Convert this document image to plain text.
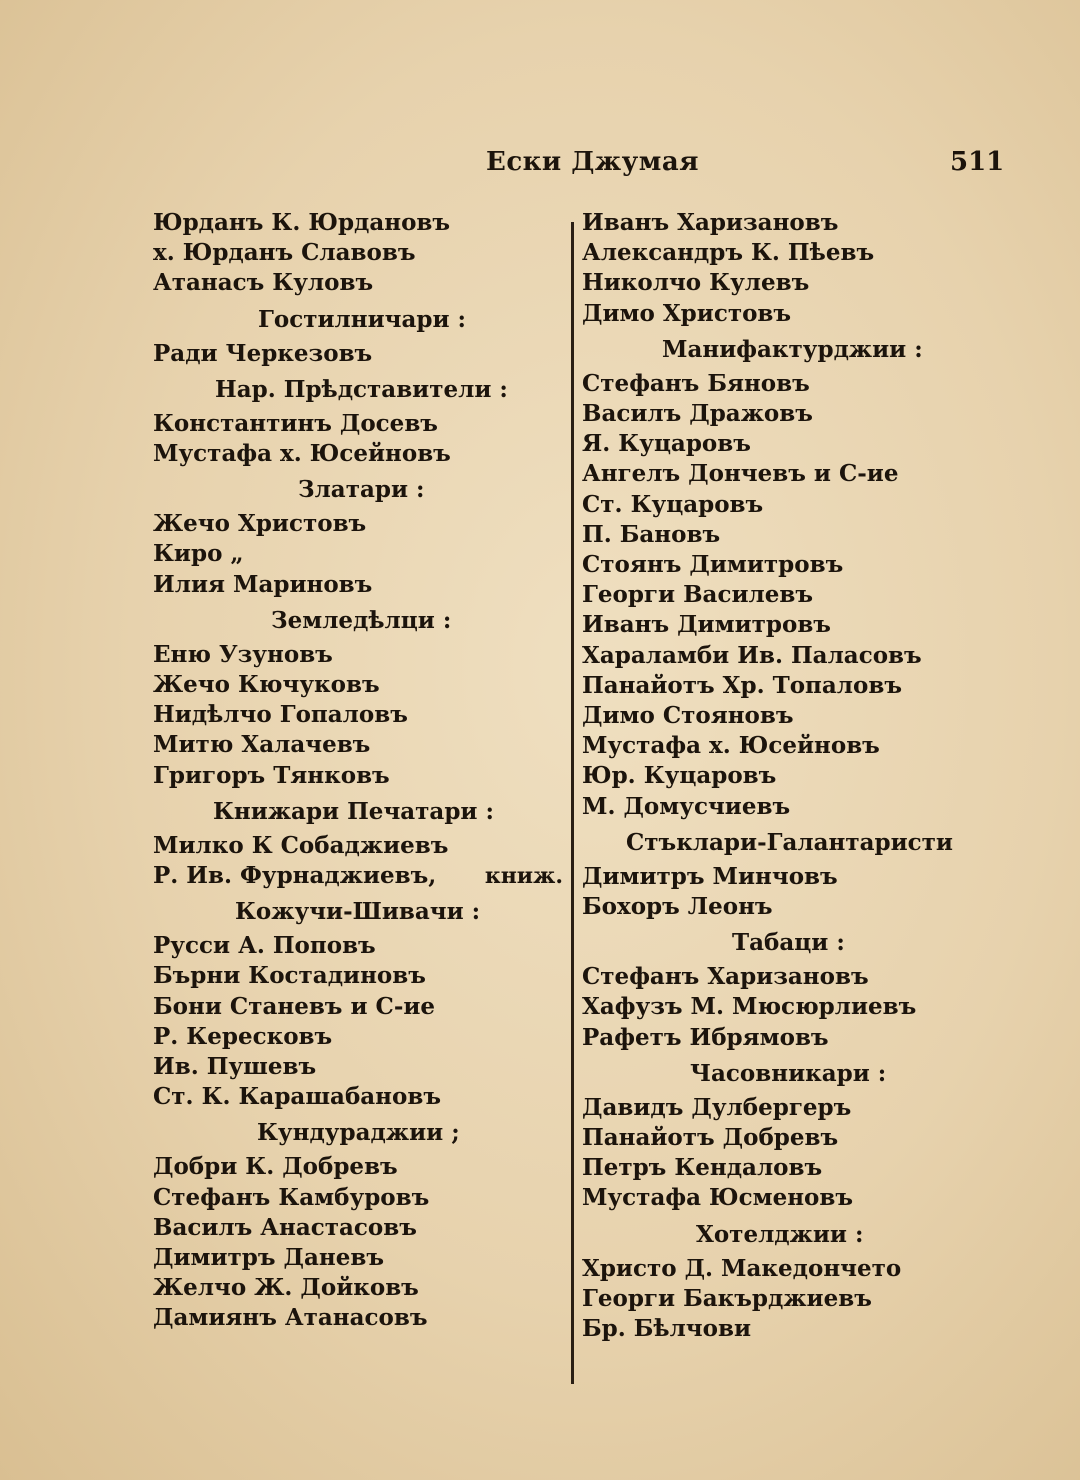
Ески Джумая	511
Юрданъ К. Юрдановъ
х. Юрданъ Славовъ
Атанасъ Куловъ
Гостилничари :
Ради Черкезовъ
Нар. Прѣдставители :
Константинъ Досевъ
Мустафа х. Юсейновъ
Златари :
Жечо Христовъ
Киро „
Илия Мариновъ
Земледѣлци :
Еню Узуновъ
Жечо Кючуковъ
Нидѣлчо Гопаловъ
Митю Халачевъ
Григоръ Тянковъ
Книжари Печатари :
Милко К Собаджиевъ
Р. Ив. Фурнаджиевъ, книж.
Кожучи-Шивачи :
Русси А. Поповъ
Бърни Костадиновъ
Бони Станевъ и С-ие
Р. Кересковъ
Ив. Пушевъ
Ст. К. Карашабановъ
Кундураджии ;
Добри К. Добревъ
Стефанъ Камбуровъ
Василъ Анастасовъ
Димитръ Даневъ
Желчо Ж. Дойковъ
Дамиянъ Атанасовъ
Иванъ Харизановъ
Александръ К. Пѣевъ
Николчо Кулевъ
Димо Христовъ
Манифактурджии :
Стефанъ Бяновъ
Василъ Дражовъ
Я. Куцаровъ
Ангелъ Дончевъ и С-ие
Ст. Куцаровъ
П. Бановъ
Стоянъ Димитровъ
Георги Василевъ
Иванъ Димитровъ
Хараламби Ив. Паласовъ
Панайотъ Хр. Топаловъ
Димо Стояновъ
Мустафа х. Юсейновъ
Юр. Куцаровъ
М. Домусчиевъ
Стъклари-Галантаристи
Димитръ Минчовъ
Бохоръ Леонъ
Табаци :
Стефанъ Харизановъ
Хафузъ М. Мюсюрлиевъ
Рафетъ Ибрямовъ
Часовникари :
Давидъ Дулбергеръ
Панайотъ Добревъ
Петръ Кендаловъ
Мустафа Юсменовъ
Хотелджии :
Христо Д. Македончето
Георги Бакърджиевъ
Бр. Бѣлчови
